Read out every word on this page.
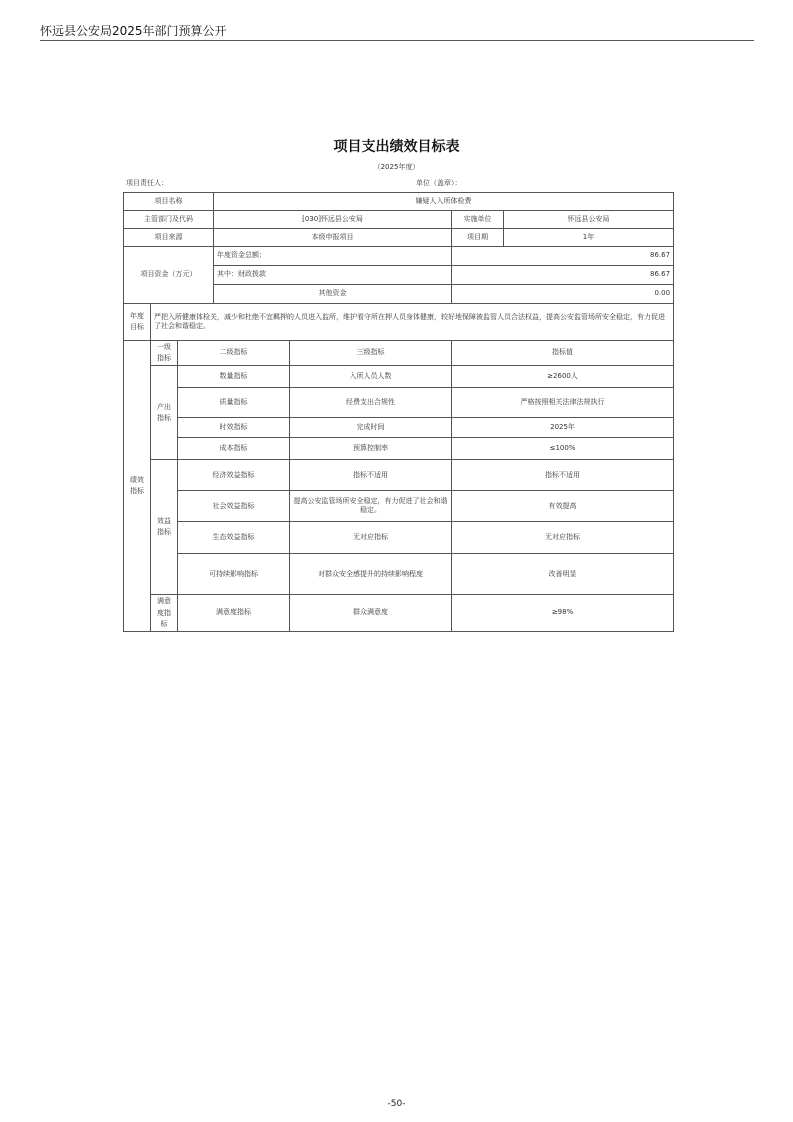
怀远县公安局2025年部门预算公开
项目支出绩效目标表
（2025年度）
项目责任人：	单位（盖章）：
项目名称			嫌疑人入所体检费			
主管部门及代码			[030]怀远县公安局		实施单位	怀远县公安局
项目来源			本级申报项目		项目期	1年
项目资金（万元）			年度资金总额：		86.67	
			其中：财政拨款		86.67	
			其他资金		0.00	
年度目标	严把入所健康体检关，减少和杜绝不宜羁押的人员进入监所，维护看守所在押人员身体健康，较好地保障被监管人员合法权益，提高公安监管场所安全稳定，有力促进了社会和谐稳定。					
绩效指标	一级指标	二级指标		三级指标	指标值	
	产出指标	数量指标		入所人员人数	≥2600人	
		质量指标		经费支出合规性	严格按照相关法律法规执行	
		时效指标		完成时间	2025年	
		成本指标		预算控制率	≤100%	
	效益指标	经济效益指标		指标不适用	指标不适用	
		社会效益指标		提高公安监管场所安全稳定，有力促进了社会和谐稳定。	有效提高	
		生态效益指标		无对应指标	无对应指标	
		可持续影响指标		对群众安全感提升的持续影响程度	改善明显	
	满意度指标	满意度指标		群众满意度	≥98%	
-50-
